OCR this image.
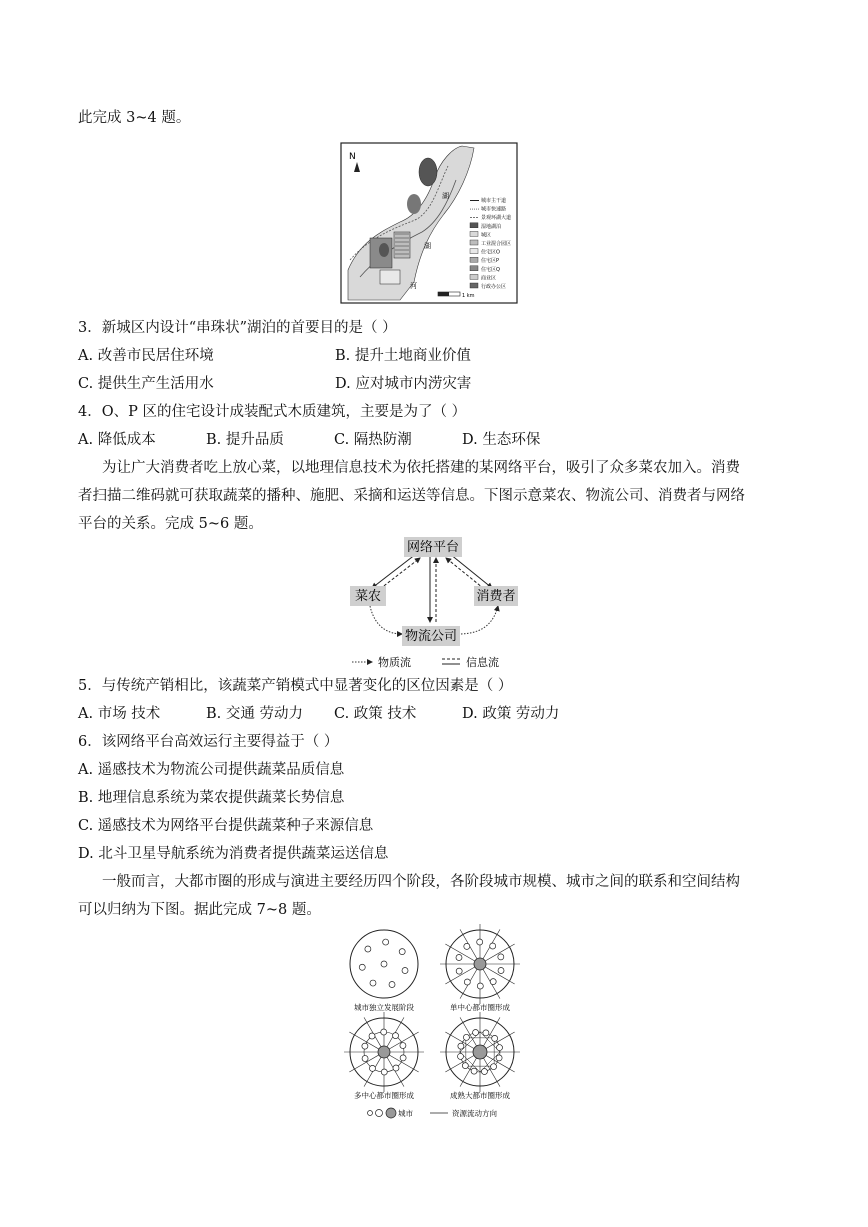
此完成 3~4 题。
N
湖
湖
河
1 km
城市主干道
城市快速路
景观环湖大道
湿地湖泊
城区
工业混合园区
住宅区O
住宅区P
住宅区Q
商业区
行政办公区
3．新城区内设计“串珠状”湖泊的首要目的是（ ）
A. 改善市民居住环境	B. 提升土地商业价值
C. 提供生产生活用水	D. 应对城市内涝灾害
4．O、P 区的住宅设计成装配式木质建筑，主要是为了（ ）
A. 降低成本	B. 提升品质	C. 隔热防潮	D. 生态环保
为让广大消费者吃上放心菜，以地理信息技术为依托搭建的某网络平台，吸引了众多菜农加入。消费
者扫描二维码就可获取蔬菜的播种、施肥、采摘和运送等信息。下图示意菜农、物流公司、消费者与网络
平台的关系。完成 5~6 题。
网络平台
菜农	消费者
物流公司
物质流	信息流
5．与传统产销相比，该蔬菜产销模式中显著变化的区位因素是（ ）
A. 市场 技术	B. 交通 劳动力 C. 政策 技术	D. 政策 劳动力
6．该网络平台高效运行主要得益于（ ）
A. 遥感技术为物流公司提供蔬菜品质信息
B. 地理信息系统为菜农提供蔬菜长势信息
C. 遥感技术为网络平台提供蔬菜种子来源信息
D. 北斗卫星导航系统为消费者提供蔬菜运送信息
一般而言，大都市圈的形成与演进主要经历四个阶段，各阶段城市规模、城市之间的联系和空间结构
可以归纳为下图。据此完成 7~8 题。
城市独立发展阶段	单中心都市圈形成
多中心都市圈形成	成熟大都市圈形成
城市	资源流动方向
